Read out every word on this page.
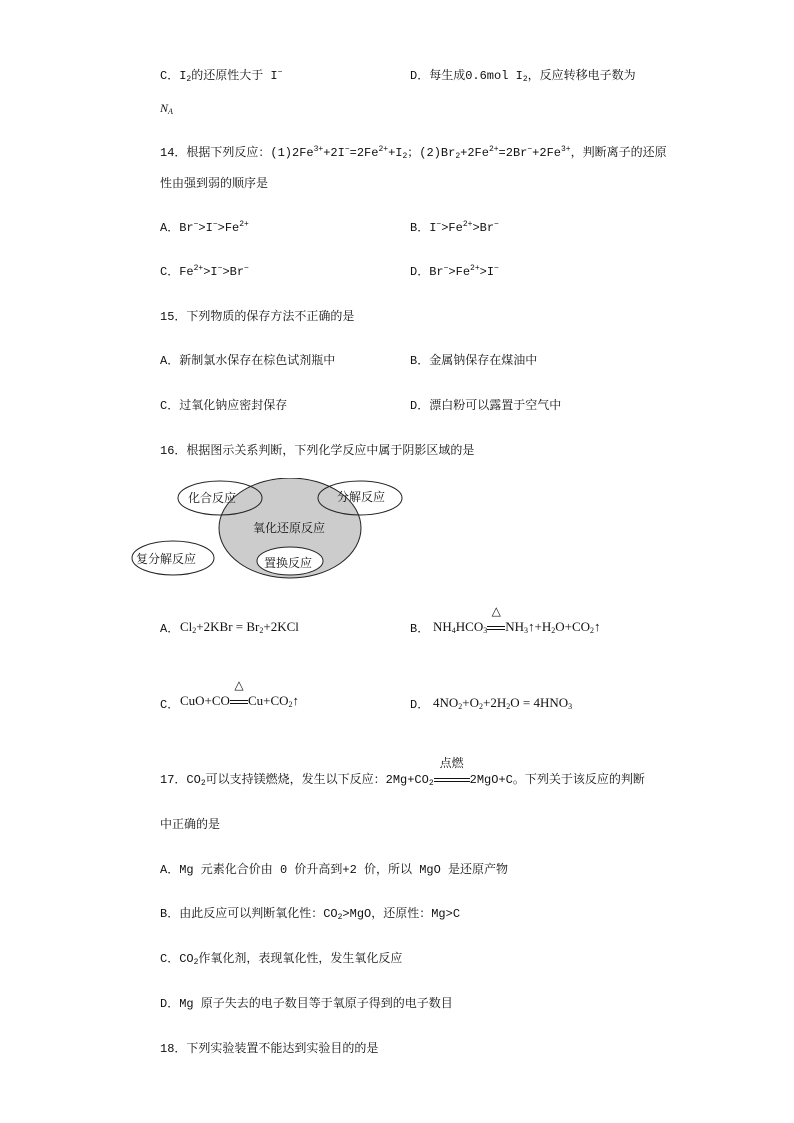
C．$I_2$的还原性大于 I−	D．每生成0.6mol $I_2$，反应转移电子数为
$N_A$
14．根据下列反应：$(1)2Fe^{3+}+2I^-=2Fe^{2+}+I_2$；$(2)Br_2+2Fe^{2+}=2Br^-+2Fe^{3+}$，判断离子的还原
性由强到弱的顺序是
A．$Br^->I^->Fe^{2+}$	B．$I^->Fe^{2+}>Br^-$
C．$Fe^{2+}>I^->Br^-$	D．$Br^->Fe^{2+}>I^-$
15．下列物质的保存方法不正确的是
A．新制氯水保存在棕色试剂瓶中	B．金属钠保存在煤油中
C．过氧化钠应密封保存	D．漂白粉可以露置于空气中
16．根据图示关系判断，下列化学反应中属于阴影区域的是
化合反应	分解反应
氧化还原反应
复分解反应	置换反应
A． $Cl_2+2KBr = Br_2+2KCl$	B． $NH_4HCO_3$
△
$NH_3↑+H_2O+CO_2↑$
C． CuO+CO
△
$Cu+CO_2↑$	D． $4NO_2+O_2+2H_2O = 4HNO_3$
17．$CO_2$可以支持镁燃烧，发生以下反应：$2Mg+CO_2$
点燃
2MgO+C。下列关于该反应的判断
中正确的是
A．Mg 元素化合价由 0 价升高到+2 价，所以 MgO 是还原产物
B．由此反应可以判断氧化性：$CO_2>MgO$，还原性：Mg>C
C．$CO_2$作氧化剂，表现氧化性，发生氧化反应
D．Mg 原子失去的电子数目等于氧原子得到的电子数目
18．下列实验装置不能达到实验目的的是
